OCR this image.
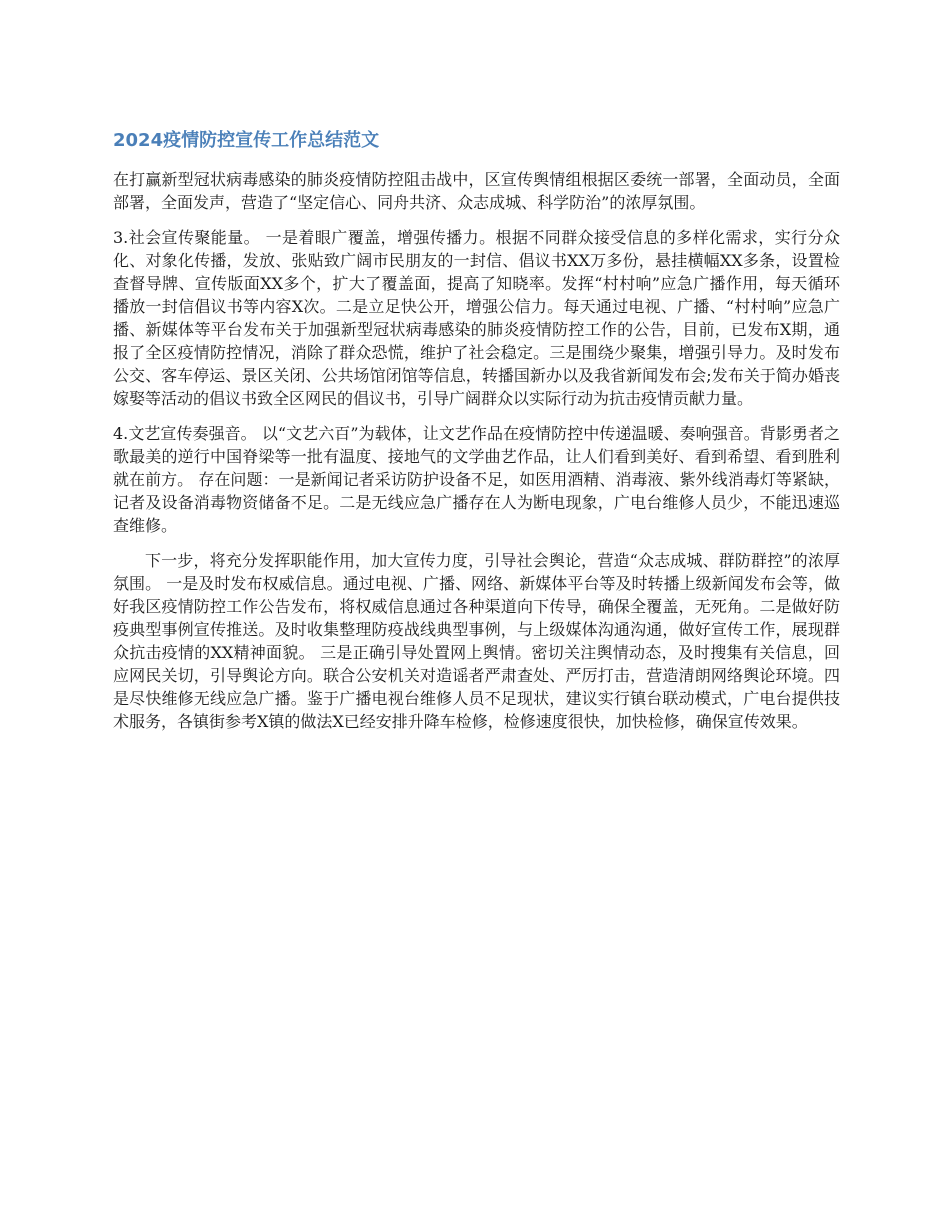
2024疫情防控宣传工作总结范文

在打赢新型冠状病毒感染的肺炎疫情防控阻击战中，区宣传舆情组根据区委统一部署，全面动员，全面部署，全面发声，营造了“坚定信心、同舟共济、众志成城、科学防治”的浓厚氛围。

3.社会宣传聚能量。 一是着眼广覆盖，增强传播力。根据不同群众接受信息的多样化需求，实行分众化、对象化传播，发放、张贴致广阔市民朋友的一封信、倡议书XX万多份，悬挂横幅XX多条，设置检查督导牌、宣传版面XX多个，扩大了覆盖面，提高了知晓率。发挥“村村响”应急广播作用，每天循环播放一封信倡议书等内容X次。二是立足快公开，增强公信力。每天通过电视、广播、“村村响”应急广播、新媒体等平台发布关于加强新型冠状病毒感染的肺炎疫情防控工作的公告，目前，已发布X期，通报了全区疫情防控情况，消除了群众恐慌，维护了社会稳定。三是围绕少聚集，增强引导力。及时发布公交、客车停运、景区关闭、公共场馆闭馆等信息，转播国新办以及我省新闻发布会;发布关于简办婚丧嫁娶等活动的倡议书致全区网民的倡议书，引导广阔群众以实际行动为抗击疫情贡献力量。

4.文艺宣传奏强音。 以“文艺六百”为载体，让文艺作品在疫情防控中传递温暖、奏响强音。背影勇者之歌最美的逆行中国脊梁等一批有温度、接地气的文学曲艺作品，让人们看到美好、看到希望、看到胜利就在前方。 存在问题：一是新闻记者采访防护设备不足，如医用酒精、消毒液、紫外线消毒灯等紧缺，记者及设备消毒物资储备不足。二是无线应急广播存在人为断电现象，广电台维修人员少，不能迅速巡查维修。

下一步，将充分发挥职能作用，加大宣传力度，引导社会舆论，营造“众志成城、群防群控”的浓厚氛围。 一是及时发布权威信息。通过电视、广播、网络、新媒体平台等及时转播上级新闻发布会等，做好我区疫情防控工作公告发布，将权威信息通过各种渠道向下传导，确保全覆盖，无死角。二是做好防疫典型事例宣传推送。及时收集整理防疫战线典型事例，与上级媒体沟通沟通，做好宣传工作，展现群众抗击疫情的XX精神面貌。 三是正确引导处置网上舆情。密切关注舆情动态，及时搜集有关信息，回应网民关切，引导舆论方向。联合公安机关对造谣者严肃查处、严厉打击，营造清朗网络舆论环境。四是尽快维修无线应急广播。鉴于广播电视台维修人员不足现状，建议实行镇台联动模式，广电台提供技术服务，各镇街参考X镇的做法X已经安排升降车检修，检修速度很快，加快检修，确保宣传效果。
